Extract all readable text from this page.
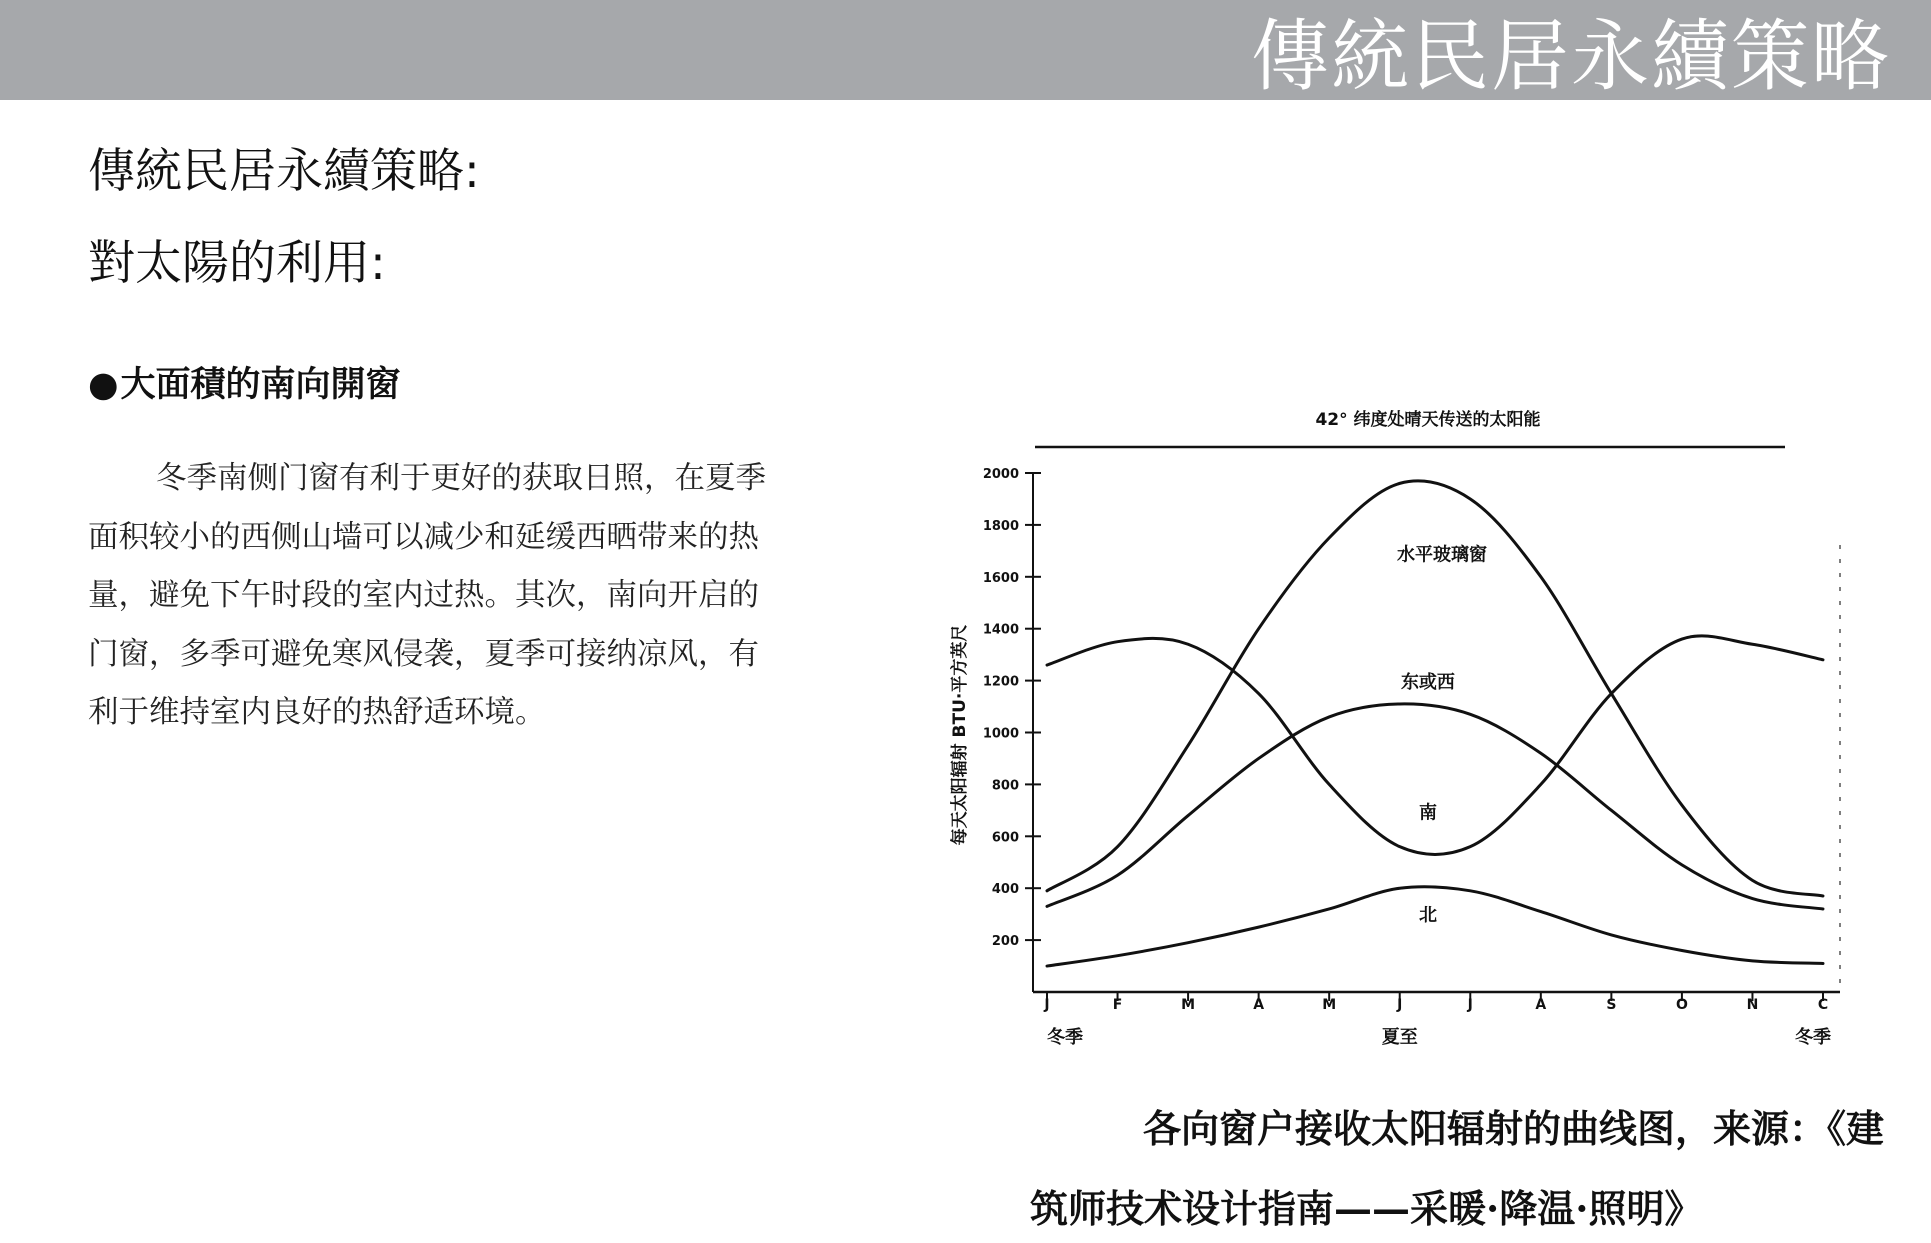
傳統民居永續策略
傳統民居永續策略:
對太陽的利用:
●大面積的南向開窗

冬季南侧门窗有利于更好的获取日照，在夏季面积较小的西侧山墙可以减少和延缓西晒带来的热量，避免下午时段的室内过热。其次，南向开启的门窗，多季可避免寒风侵袭，夏季可接纳凉风，有利于维持室内良好的热舒适环境。

42° 纬度处晴天传送的太阳能
每天太阳辐射 BTU·平方英尺
200
400
600
800
1000
1200
1400
1600
1800
2000
J	F	M	A	M	J	J	A	S	O	N	C
冬季	夏至	冬季
水平玻璃窗
东或西
南
北
各向窗户接收太阳辐射的曲线图，来源：《建
筑师技术设计指南——采暖·降温·照明》
